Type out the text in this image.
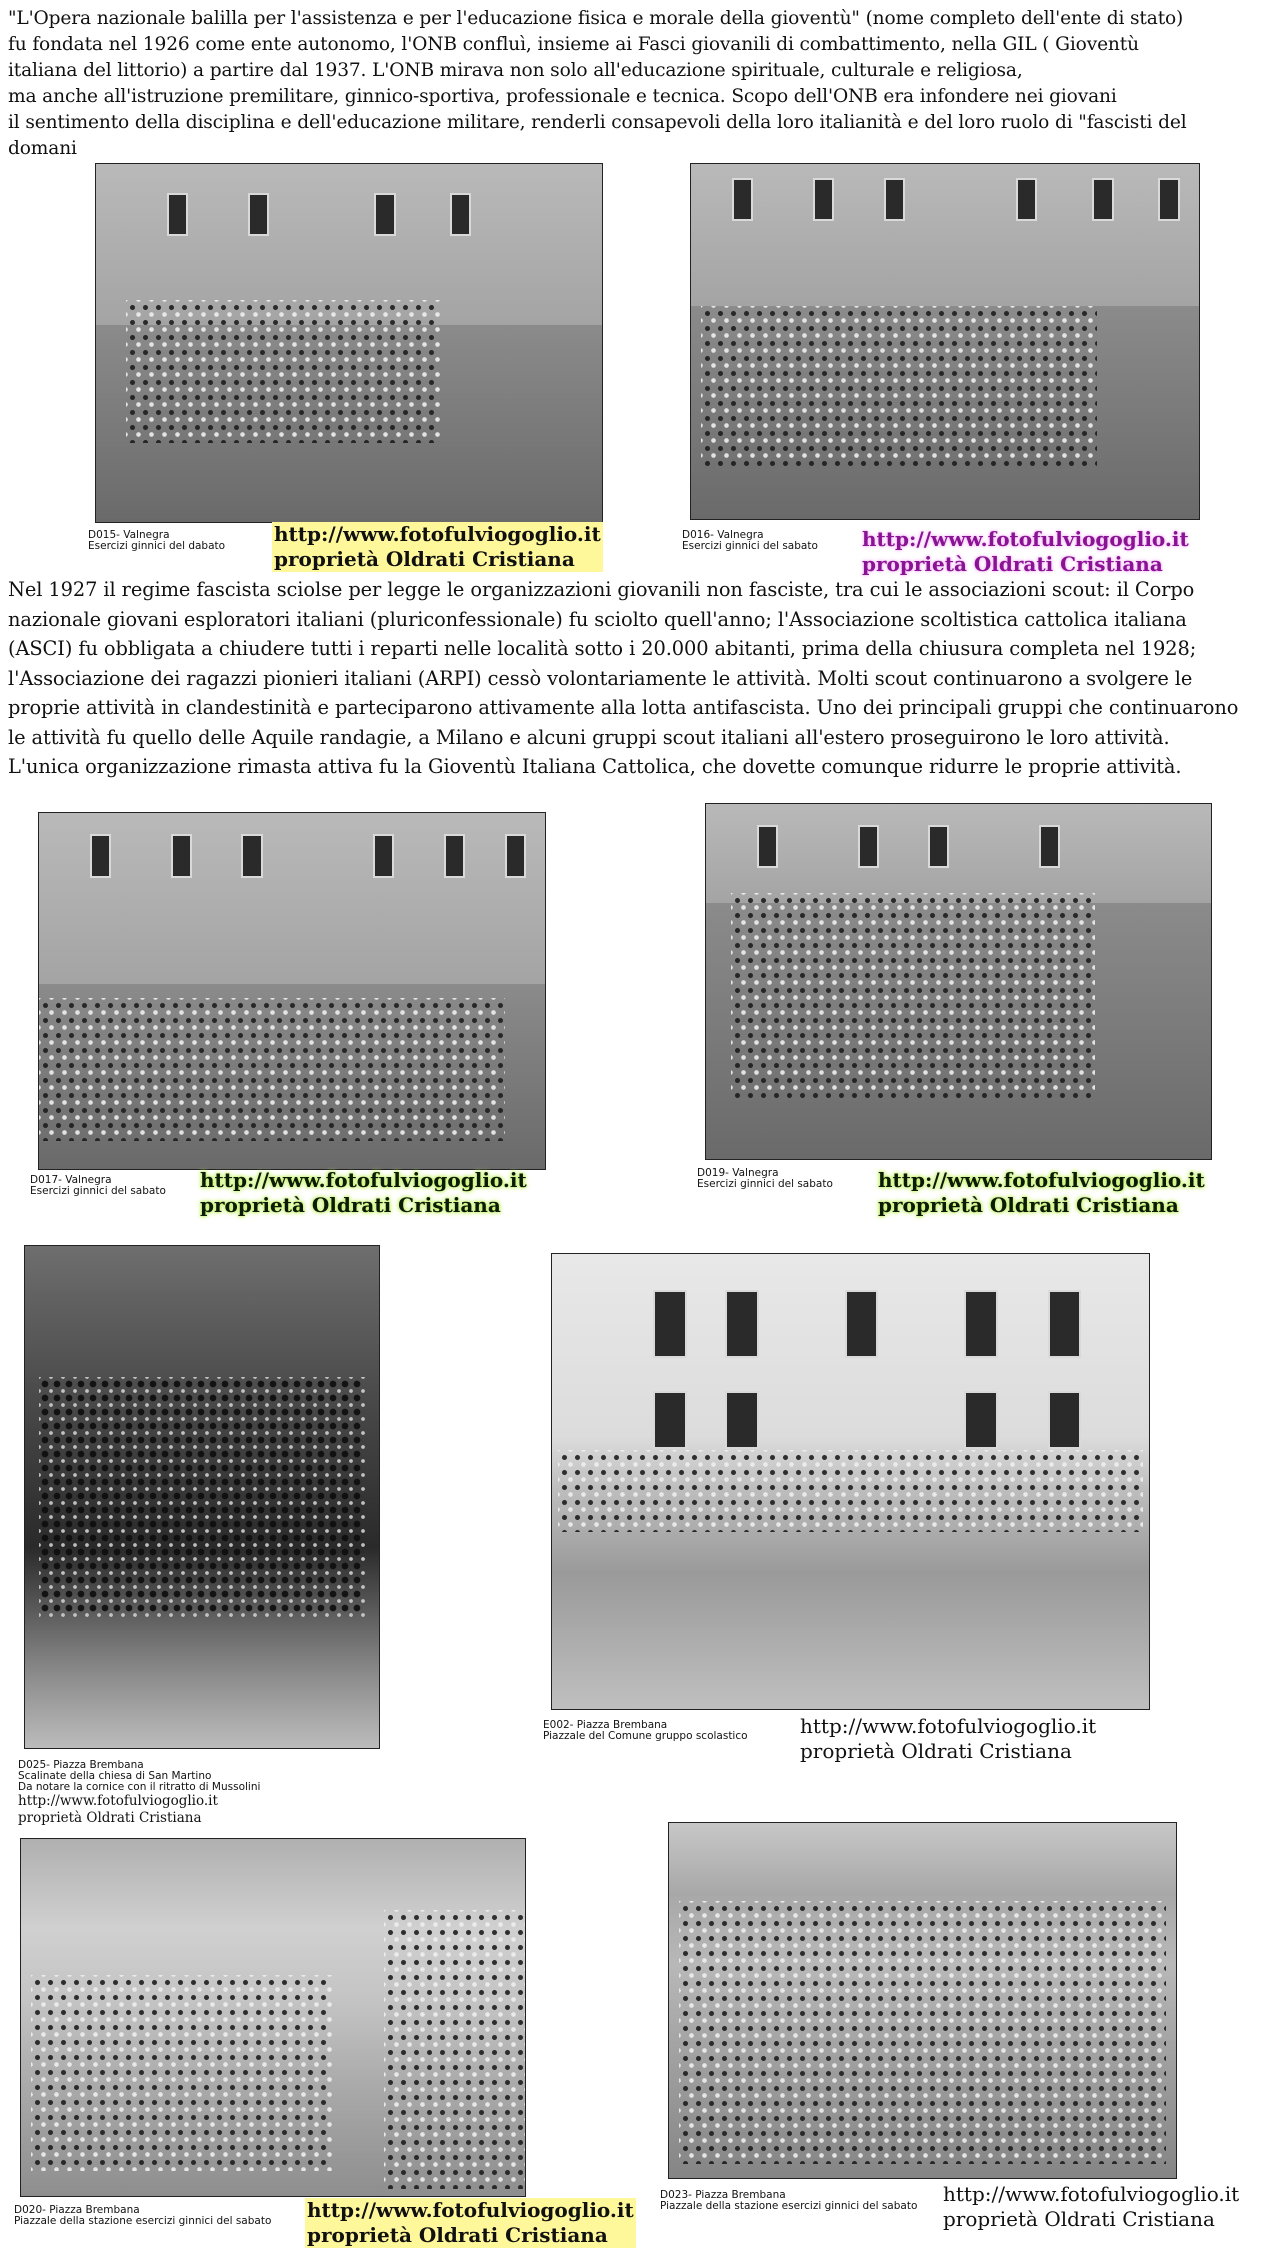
"L'Opera nazionale balilla per l'assistenza e per l'educazione fisica e morale della gioventù" (nome completo dell'ente di stato)
fu fondata nel 1926 come ente autonomo, l'ONB confluì, insieme ai Fasci giovanili di combattimento, nella GIL ( Gioventù
italiana del littorio) a partire dal 1937. L'ONB mirava non solo all'educazione spirituale, culturale e religiosa,
ma anche all'istruzione premilitare, ginnico-sportiva, professionale e tecnica. Scopo dell'ONB era infondere nei giovani
il sentimento della disciplina e dell'educazione militare, renderli consapevoli della loro italianità e del loro ruolo di "fascisti del
domani
D015- Valnegra
Esercizi ginnici del dabato http://www.fotofulviogoglio.it
proprietà Oldrati Cristiana
D016- Valnegra
Esercizi ginnici del sabato http://www.fotofulviogoglio.it
proprietà Oldrati Cristiana
Nel 1927 il regime fascista sciolse per legge le organizzazioni giovanili non fasciste, tra cui le associazioni scout: il Corpo
nazionale giovani esploratori italiani (pluriconfessionale) fu sciolto quell'anno; l'Associazione scoltistica cattolica italiana
(ASCI) fu obbligata a chiudere tutti i reparti nelle località sotto i 20.000 abitanti, prima della chiusura completa nel 1928;
l'Associazione dei ragazzi pionieri italiani (ARPI) cessò volontariamente le attività. Molti scout continuarono a svolgere le
proprie attività in clandestinità e parteciparono attivamente alla lotta antifascista. Uno dei principali gruppi che continuarono
le attività fu quello delle Aquile randagie, a Milano e alcuni gruppi scout italiani all'estero proseguirono le loro attività.
L'unica organizzazione rimasta attiva fu la Gioventù Italiana Cattolica, che dovette comunque ridurre le proprie attività.
D017- Valnegra
Esercizi ginnici del sabato http://www.fotofulviogoglio.it
proprietà Oldrati Cristiana
D019- Valnegra
Esercizi ginnici del sabato http://www.fotofulviogoglio.it
proprietà Oldrati Cristiana
D025- Piazza Brembana
Scalinate della chiesa di San Martino
Da notare la cornice con il ritratto di Mussolini
http://www.fotofulviogoglio.it
proprietà Oldrati Cristiana
E002- Piazza Brembana
Piazzale del Comune gruppo scolastico	http://www.fotofulviogoglio.it
proprietà Oldrati Cristiana
D020- Piazza Brembana
Piazzale della stazione esercizi ginnici del sabato http://www.fotofulviogoglio.it
proprietà Oldrati Cristiana
D023- Piazza Brembana
Piazzale della stazione esercizi ginnici del sabato http://www.fotofulviogoglio.it
proprietà Oldrati Cristiana
